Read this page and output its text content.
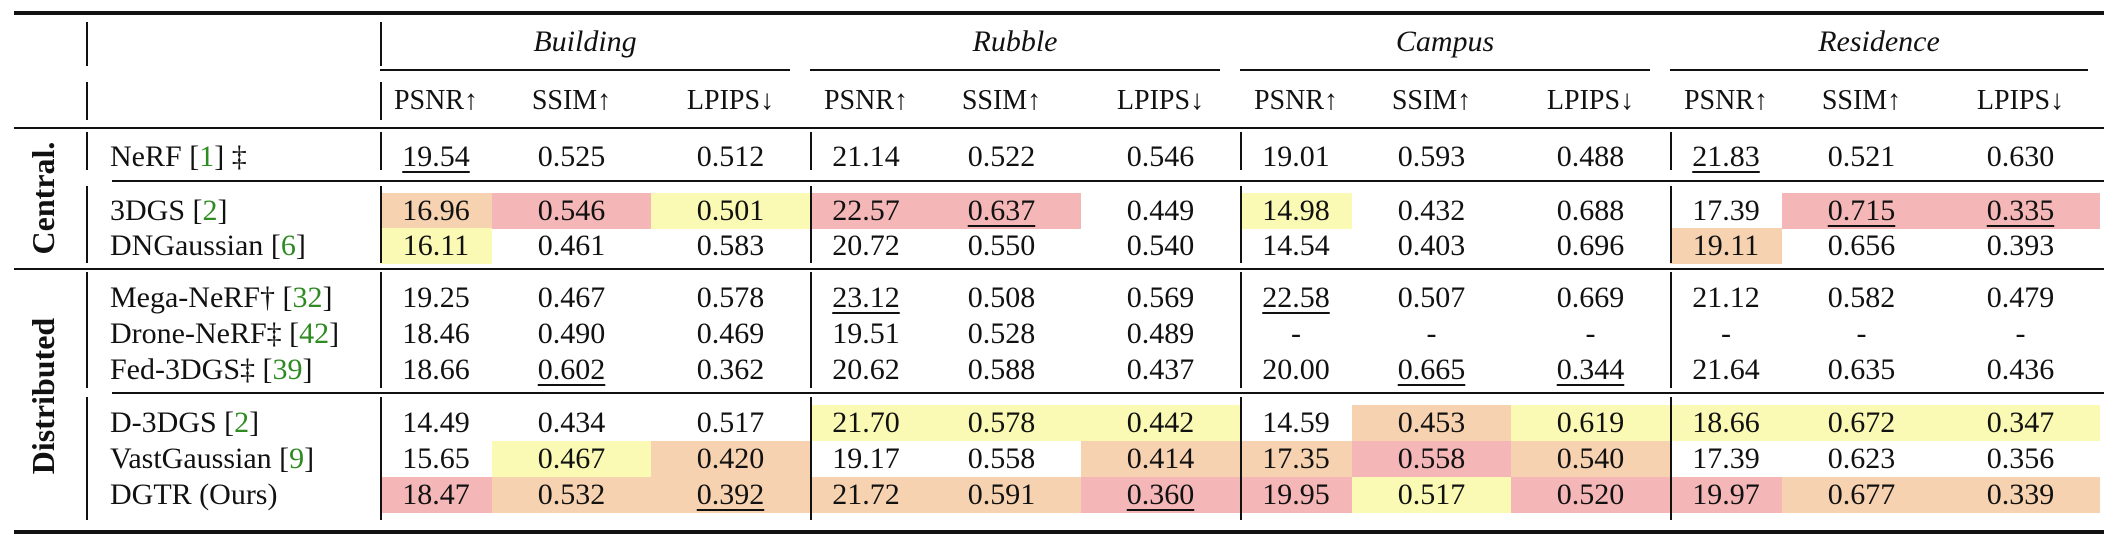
Central.
Distributed
Building	Rubble	Campus	Residence
PSNR↑	SSIM↑	LPIPS↓	PSNR↑	SSIM↑	LPIPS↓	PSNR↑	SSIM↑	LPIPS↓	PSNR↑	SSIM↑	LPIPS↓
NeRF [ 1 ] ‡	19.54 0.525	0.512 21.14 0.522	0.546 19.01 0.593	0.488 21.83 0.521	0.630
3DGS [ 2 ]	16.96 0.546	0.501 22.57 0.637	0.449 14.98 0.432	0.688 17.39 0.715	0.335
DNGaussian [ 6 ]	16.11 0.461	0.583 20.72 0.550	0.540 14.54 0.403	0.696 19.11 0.656	0.393
Mega-NeRF† [ 32 ] 19.25 0.467	0.578 23.12 0.508	0.569 22.58 0.507	0.669 21.12 0.582	0.479
Drone-NeRF‡ [ 42 ] 18.46 0.490	0.469 19.51 0.528	0.489	-	-	-	-	-	-
Fed-3DGS‡ [ 39 ]	18.66 0.602	0.362 20.62 0.588	0.437 20.00 0.665	0.344 21.64 0.635	0.436
D-3DGS [ 2 ]	14.49 0.434	0.517 21.70 0.578	0.442 14.59 0.453	0.619 18.66 0.672	0.347
VastGaussian [ 9 ]	15.65 0.467	0.420 19.17 0.558	0.414 17.35 0.558	0.540 17.39 0.623	0.356
DGTR (Ours)	18.47 0.532	0.392 21.72 0.591	0.360 19.95 0.517	0.520 19.97 0.677	0.339
